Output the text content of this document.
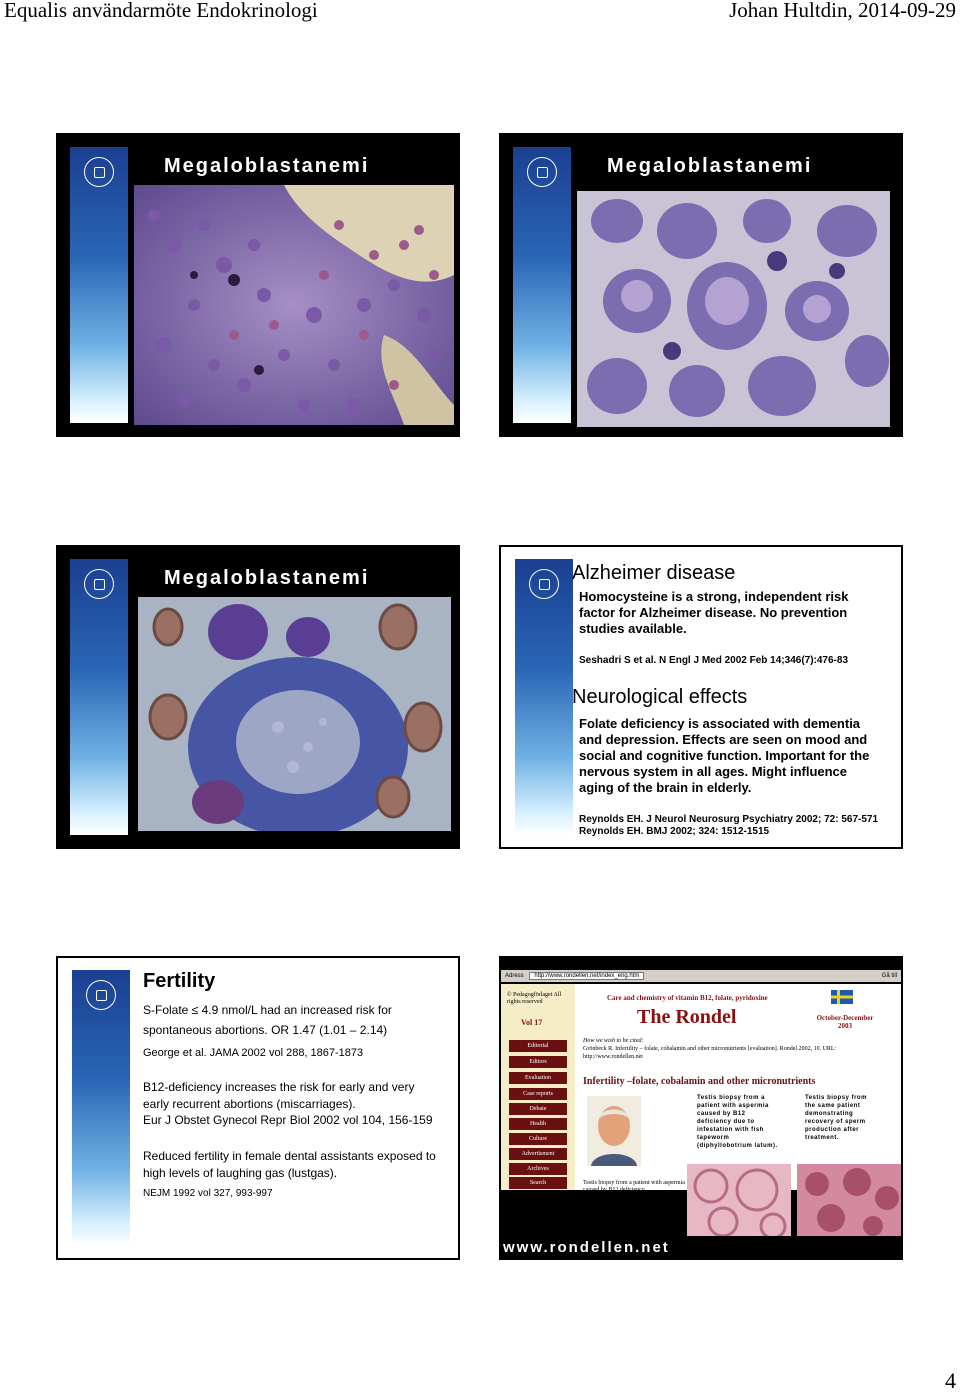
Equalis användarmöte Endokrinologi	Johan Hultdin, 2014-09-29
Megaloblastanemi	Megaloblastanemi
Megaloblastanemi	Alzheimer disease
Homocysteine is a strong, independent risk factor for Alzheimer disease. No prevention studies available.
Seshadri S et al. N Engl J Med 2002 Feb 14;346(7):476-83
Neurological effects
Folate deficiency is associated with dementia and depression. Effects are seen on mood and social and cognitive function. Important for the nervous system in all ages. Might influence aging of the brain in elderly.
Reynolds EH. J Neurol Neurosurg Psychiatry 2002; 72: 567-571
Reynolds EH. BMJ 2002; 324: 1512-1515
Fertility
S-Folate ≤ 4.9 nmol/L had an increased risk for
spontaneous abortions. OR 1.47 (1.01 – 2.14)
George et al. JAMA 2002 vol 288, 1867-1873
B12-deficiency increases the risk for early and very early recurrent abortions (miscarriages).
Eur J Obstet Gynecol Repr Biol 2002 vol 104, 156-159
Reduced fertility in female dental assistants exposed to high levels of laughing gas (lustgas).
NEJM 1992 vol 327, 993-997
Adress http://www.rondellen.net/index_eng.htm	Gå till
© Pedagogförlaget All rights reserved
Vol 17
Editorial
Editors
Evaluation
Case reports
Debate
Health
Culture
Advertisment
Archives
Search
Care and chemistry of vitamin B12, folate, pyridoxine
The Rondel	October-December 2003
How we wish to be cited:
Grönbeck R. Infertility – folate, cobalamin and other micronutrients [evaluation]. Rondel 2002, 10. URL:
http://www.rondellen.net
Infertility –folate, cobalamin and other micronutrients
Testis biopsy from a patient with aspermia caused by B12 deficiency due to infestation with fish tapeworm (diphyllobotrium latum).
Testis biopsy from the same patient demonstrating recovery of sperm production after treatment.
Testis biopsy from a patient with aspermia caused by B12 deficiency
www.rondellen.net
4
